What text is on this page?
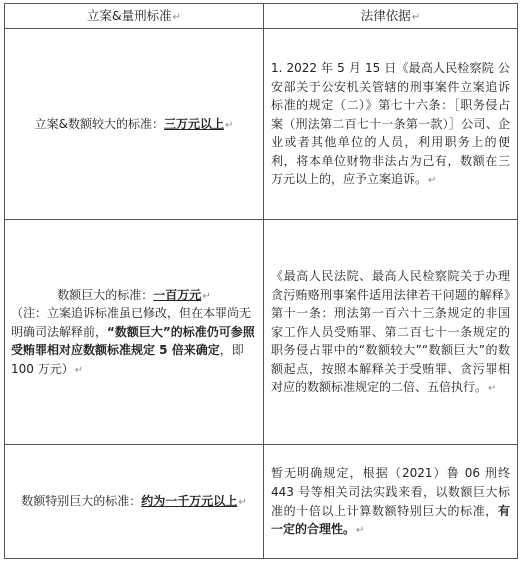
立案&量刑标准↵	法律依据↵
立案&数额较大的标准：三万元以上↵	1. 2022 年 5 月 15 日《最高人民检察院 公安部关于公安机关管辖的刑事案件立案追诉标准的规定（二）》第七十六条：［职务侵占案（刑法第二百七十一条第一款）］公司、企业或者其他单位的人员，利用职务上的便利，将本单位财物非法占为己有，数额在三万元以上的，应予立案追诉。↵

数额巨大的标准：一百万元↵
（注：立案追诉标准虽已修改，但在本罪尚无明确司法解释前，“数额巨大”的标准仍可参照受贿罪相对应数额标准规定 5 倍来确定，即 100 万元）↵	《最高人民法院、最高人民检察院关于办理贪污贿赂刑事案件适用法律若干问题的解释》第十一条：刑法第一百六十三条规定的非国家工作人员受贿罪、第二百七十一条规定的职务侵占罪中的“数额较大”“数额巨大”的数额起点，按照本解释关于受贿罪、贪污罪相对应的数额标准规定的二倍、五倍执行。↵
数额特别巨大的标准：约为一千万元以上↵	暂无明确规定，根据（2021）鲁 06 刑终 443 号等相关司法实践来看，以数额巨大标准的十倍以上计算数额特别巨大的标准，有一定的合理性。↵
